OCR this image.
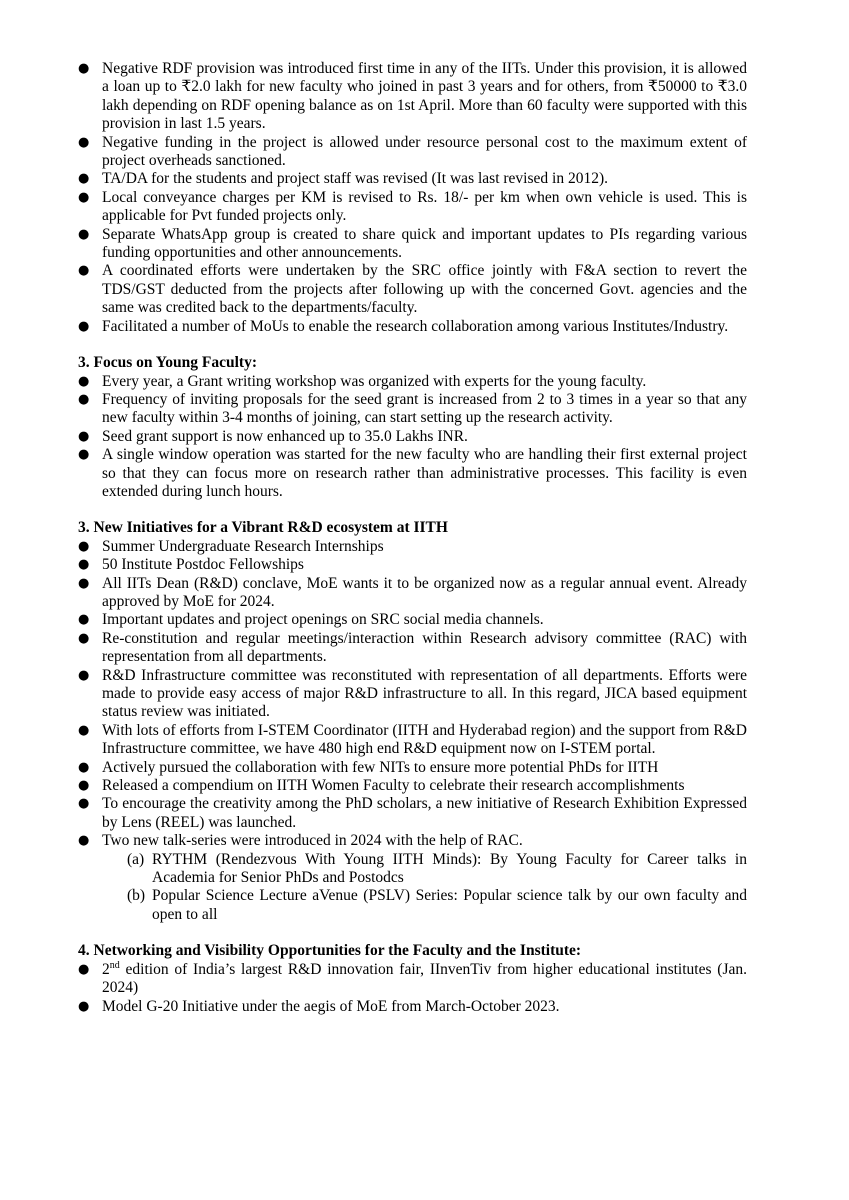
● Negative RDF provision was introduced first time in any of the IITs. Under this provision, it is allowed a loan up to ₹2.0 lakh for new faculty who joined in past 3 years and for others, from ₹50000 to ₹3.0 lakh depending on RDF opening balance as on 1st April. More than 60 faculty were supported with this provision in last 1.5 years.
● Negative funding in the project is allowed under resource personal cost to the maximum extent of project overheads sanctioned.
● TA/DA for the students and project staff was revised (It was last revised in 2012).
● Local conveyance charges per KM is revised to Rs. 18/- per km when own vehicle is used. This is applicable for Pvt funded projects only.
● Separate WhatsApp group is created to share quick and important updates to PIs regarding various funding opportunities and other announcements.
● A coordinated efforts were undertaken by the SRC office jointly with F&A section to revert the TDS/GST deducted from the projects after following up with the concerned Govt. agencies and the same was credited back to the departments/faculty.
● Facilitated a number of MoUs to enable the research collaboration among various Institutes/Industry.
3. Focus on Young Faculty:
● Every year, a Grant writing workshop was organized with experts for the young faculty.
● Frequency of inviting proposals for the seed grant is increased from 2 to 3 times in a year so that any new faculty within 3-4 months of joining, can start setting up the research activity.
● Seed grant support is now enhanced up to 35.0 Lakhs INR.
● A single window operation was started for the new faculty who are handling their first external project so that they can focus more on research rather than administrative processes. This facility is even extended during lunch hours.
3. New Initiatives for a Vibrant R&D ecosystem at IITH
● Summer Undergraduate Research Internships
● 50 Institute Postdoc Fellowships
● All IITs Dean (R&D) conclave, MoE wants it to be organized now as a regular annual event. Already approved by MoE for 2024.
● Important updates and project openings on SRC social media channels.
● Re-constitution and regular meetings/interaction within Research advisory committee (RAC) with representation from all departments.
● R&D Infrastructure committee was reconstituted with representation of all departments. Efforts were made to provide easy access of major R&D infrastructure to all. In this regard, JICA based equipment status review was initiated.
● With lots of efforts from I-STEM Coordinator (IITH and Hyderabad region) and the support from R&D Infrastructure committee, we have 480 high end R&D equipment now on I-STEM portal.
● Actively pursued the collaboration with few NITs to ensure more potential PhDs for IITH
● Released a compendium on IITH Women Faculty to celebrate their research accomplishments
● To encourage the creativity among the PhD scholars, a new initiative of Research Exhibition Expressed by Lens (REEL) was launched.
● Two new talk-series were introduced in 2024 with the help of RAC.
(a) RYTHM (Rendezvous With Young IITH Minds): By Young Faculty for Career talks in Academia for Senior PhDs and Postodcs
(b) Popular Science Lecture aVenue (PSLV) Series: Popular science talk by our own faculty and open to all
4. Networking and Visibility Opportunities for the Faculty and the Institute:
● 2nd edition of India’s largest R&D innovation fair, IInvenTiv from higher educational institutes (Jan. 2024)
● Model G-20 Initiative under the aegis of MoE from March-October 2023.
